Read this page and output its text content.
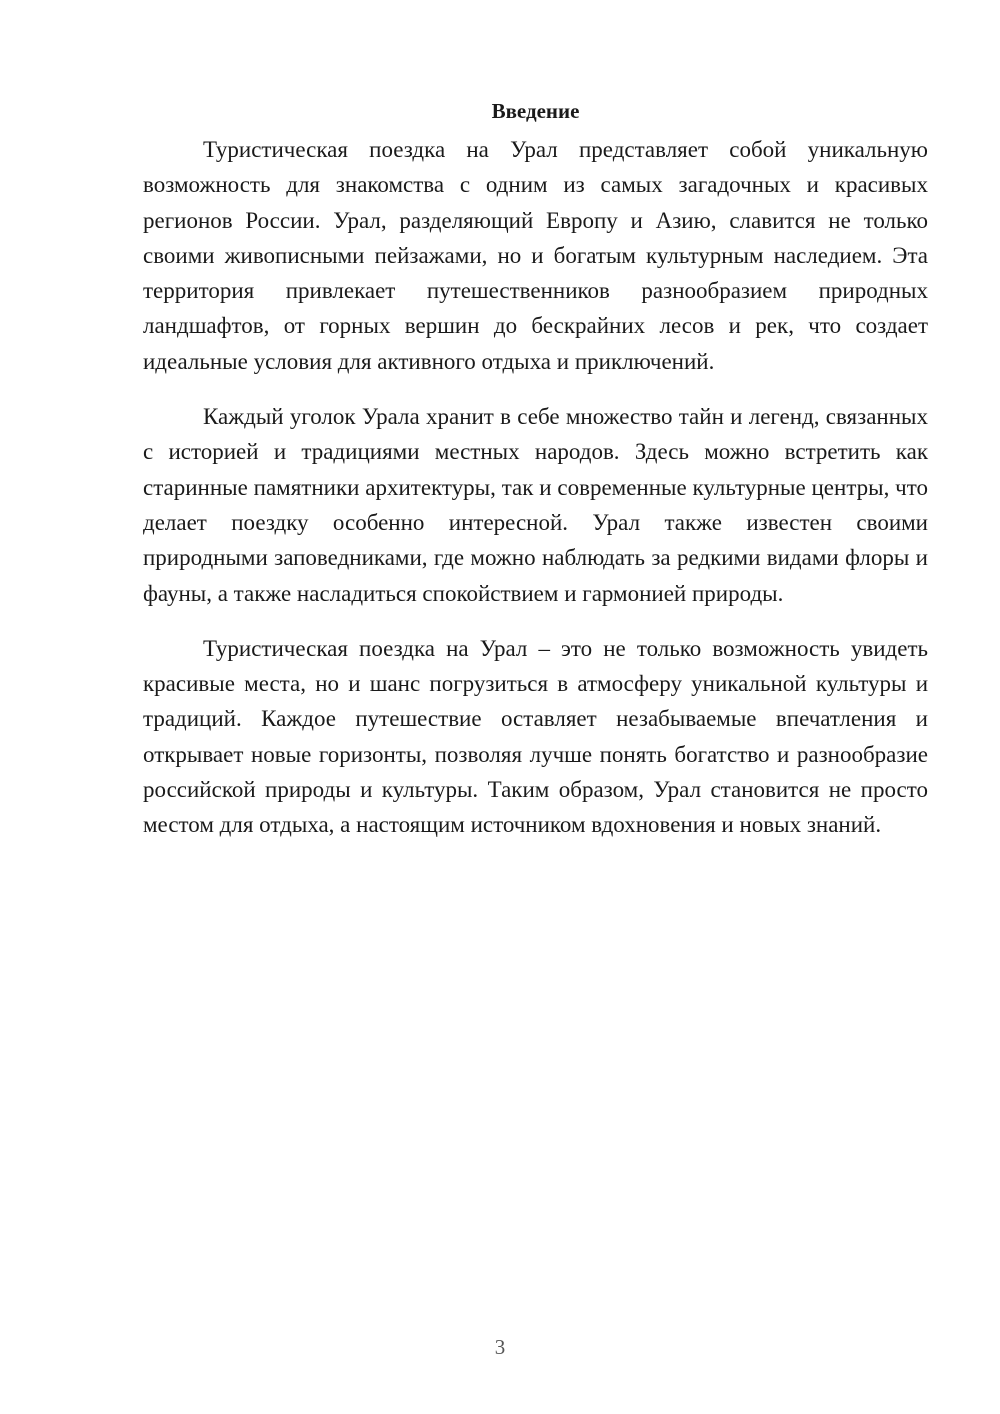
Введение

Туристическая поездка на Урал представляет собой уникальную возможность для знакомства с одним из самых загадочных и красивых регионов России. Урал, разделяющий Европу и Азию, славится не только своими живописными пейзажами, но и богатым культурным наследием. Эта территория привлекает путешественников разнообразием природных ландшафтов, от горных вершин до бескрайних лесов и рек, что создает идеальные условия для активного отдыха и приключений.

Каждый уголок Урала хранит в себе множество тайн и легенд, связанных с историей и традициями местных народов. Здесь можно встретить как старинные памятники архитектуры, так и современные культурные центры, что делает поездку особенно интересной. Урал также известен своими природными заповедниками, где можно наблюдать за редкими видами флоры и фауны, а также насладиться спокойствием и гармонией природы.

Туристическая поездка на Урал – это не только возможность увидеть красивые места, но и шанс погрузиться в атмосферу уникальной культуры и традиций. Каждое путешествие оставляет незабываемые впечатления и открывает новые горизонты, позволяя лучше понять богатство и разнообразие российской природы и культуры. Таким образом, Урал становится не просто местом для отдыха, а настоящим источником вдохновения и новых знаний.

3
